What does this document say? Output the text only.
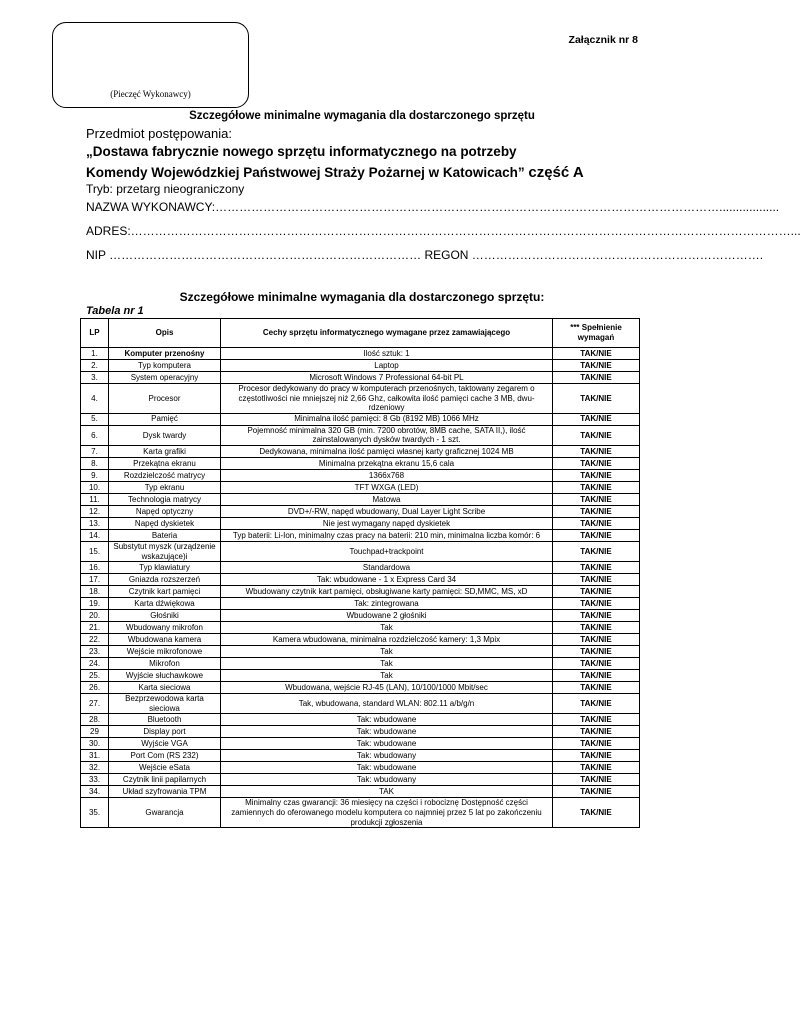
(Pieczęć Wykonawcy)
Załącznik nr 8
Szczegółowe minimalne wymagania dla dostarczonego sprzętu
Przedmiot postępowania:
„Dostawa fabrycznie nowego sprzętu informatycznego na potrzeby
Komendy Wojewódzkiej Państwowej Straży Pożarnej w Katowicach” część A
Tryb: przetarg nieograniczony
NAZWA WYKONAWCY:………………………………………………………………………………………………………………..................
ADRES:…………………………………………………………………………………………………………………………………………………...
NIP …………………………………………………………………… REGON ……………………………………………………………….
Szczegółowe minimalne wymagania dla dostarczonego sprzętu:
Tabela nr 1
LP	Opis	Cechy sprzętu informatycznego wymagane przez zamawiającego	*** Spełnienie wymagań
1.	Komputer przenośny	Ilość sztuk: 1	TAK/NIE
2.	Typ komputera	Laptop	TAK/NIE
3.	System operacyjny	Microsoft Windows 7 Professional 64-bit PL	TAK/NIE
4.	Procesor	Procesor dedykowany do pracy w komputerach przenośnych, taktowany zegarem o częstotliwości nie mniejszej niż 2,66 Ghz, całkowita ilość pamięci cache 3 MB, dwu-rdzeniowy	TAK/NIE
5.	Pamięć	Minimalna ilość pamięci: 8 Gb (8192 MB) 1066 MHz	TAK/NIE
6.	Dysk twardy	Pojemność minimalna 320 GB (min. 7200 obrotów, 8MB cache, SATA II,), ilość zainstalowanych dysków twardych - 1 szt.	TAK/NIE
7.	Karta grafiki	Dedykowana, minimalna ilość pamięci własnej karty graficznej 1024 MB	TAK/NIE
8.	Przekątna ekranu	Minimalna przekątna ekranu 15,6 cala	TAK/NIE
9.	Rozdzielczość matrycy	1366x768	TAK/NIE
10.	Typ ekranu	TFT WXGA (LED)	TAK/NIE
11.	Technologia matrycy	Matowa	TAK/NIE
12.	Napęd optyczny	DVD+/-RW, napęd wbudowany, Dual Layer Light Scribe	TAK/NIE
13.	Napęd dyskietek	Nie jest wymagany napęd dyskietek	TAK/NIE
14.	Bateria	Typ baterii: Li-Ion, minimalny czas pracy na baterii: 210 min, minimalna liczba komór: 6	TAK/NIE
15.	Substytut myszk (urządzenie wskazujące)i	Touchpad+trackpoint	TAK/NIE
16.	Typ klawiatury	Standardowa	TAK/NIE
17.	Gniazda rozszerzeń	Tak: wbudowane - 1 x Express Card 34	TAK/NIE
18.	Czytnik kart pamięci	Wbudowany czytnik kart pamięci, obsługiwane karty pamięci: SD,MMC, MS, xD	TAK/NIE
19.	Karta dźwiękowa	Tak: zintegrowana	TAK/NIE
20.	Głośniki	Wbudowane 2 głośniki	TAK/NIE
21.	Wbudowany mikrofon	Tak	TAK/NIE
22.	Wbudowana kamera	Kamera wbudowana, minimalna rozdzielczość kamery: 1,3 Mpix	TAK/NIE
23.	Wejście mikrofonowe	Tak	TAK/NIE
24.	Mikrofon	Tak	TAK/NIE
25.	Wyjście słuchawkowe	Tak	TAK/NIE
26.	Karta sieciowa	Wbudowana, wejście RJ-45 (LAN), 10/100/1000 Mbit/sec	TAK/NIE
27.	Bezprzewodowa karta sieciowa	Tak, wbudowana, standard WLAN: 802.11 a/b/g/n	TAK/NIE
28.	Bluetooth	Tak: wbudowane	TAK/NIE
29	Display port	Tak: wbudowane	TAK/NIE
30.	Wyjście VGA	Tak: wbudowane	TAK/NIE
31.	Port Com (RS 232)	Tak: wbudowany	TAK/NIE
32.	Wejście eSata	Tak: wbudowane	TAK/NIE
33.	Czytnik linii papilarnych	Tak: wbudowany	TAK/NIE
34.	Układ szyfrowania TPM	TAK	TAK/NIE
35.	Gwarancja	Minimalny czas gwarancji: 36 miesięcy na części i robociznę Dostępność części zamiennych do oferowanego modelu komputera co najmniej przez 5 lat po zakończeniu produkcji zgłoszenia	TAK/NIE
